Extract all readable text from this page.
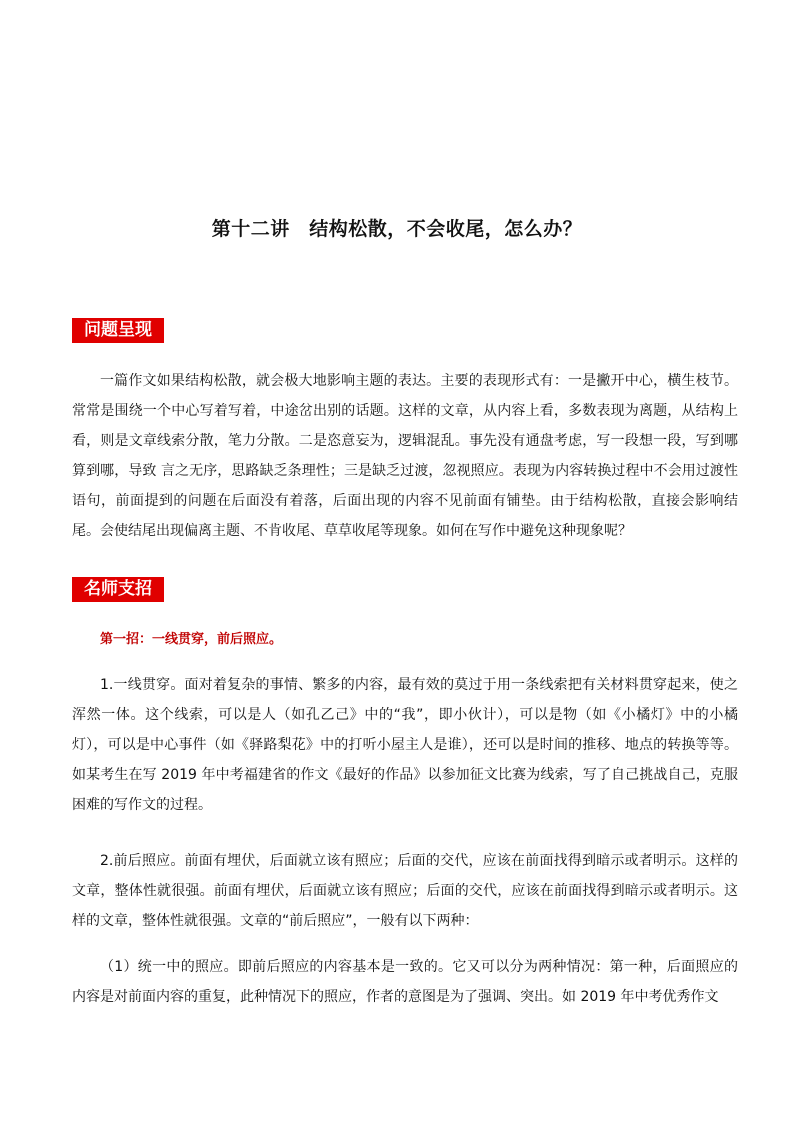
第十二讲　结构松散，不会收尾，怎么办？
问题呈现

一篇作文如果结构松散，就会极大地影响主题的表达。主要的表现形式有：一是撇开中心，横生枝节。常常是围绕一个中心写着写着，中途岔出别的话题。这样的文章，从内容上看，多数表现为离题，从结构上看，则是文章线索分散，笔力分散。二是恣意妄为，逻辑混乱。事先没有通盘考虑，写一段想一段，写到哪算到哪，导致 言之无序，思路缺乏条理性；三是缺乏过渡，忽视照应。表现为内容转换过程中不会用过渡性语句，前面提到的问题在后面没有着落，后面出现的内容不见前面有铺垫。由于结构松散，直接会影响结尾。会使结尾出现偏离主题、不肯收尾、草草收尾等现象。如何在写作中避免这种现象呢？

名师支招

第一招：一线贯穿，前后照应。

1.一线贯穿。面对着复杂的事情、繁多的内容，最有效的莫过于用一条线索把有关材料贯穿起来，使之浑然一体。这个线索，可以是人（如孔乙己》中的“我”，即小伙计），可以是物（如《小橘灯》中的小橘灯），可以是中心事件（如《驿路梨花》中的打听小屋主人是谁），还可以是时间的推移、地点的转换等等。如某考生在写 2019 年中考福建省的作文《最好的作品》以参加征文比赛为线索，写了自己挑战自己，克服困难的写作文的过程。

2.前后照应。前面有埋伏，后面就立该有照应；后面的交代，应该在前面找得到暗示或者明示。这样的文章，整体性就很强。前面有埋伏，后面就立该有照应；后面的交代，应该在前面找得到暗示或者明示。这样的文章，整体性就很强。文章的“前后照应”，一般有以下两种：

（1）统一中的照应。即前后照应的内容基本是一致的。它又可以分为两种情况：第一种，后面照应的内容是对前面内容的重复，此种情况下的照应，作者的意图是为了强调、突出。如 2019 年中考优秀作文
